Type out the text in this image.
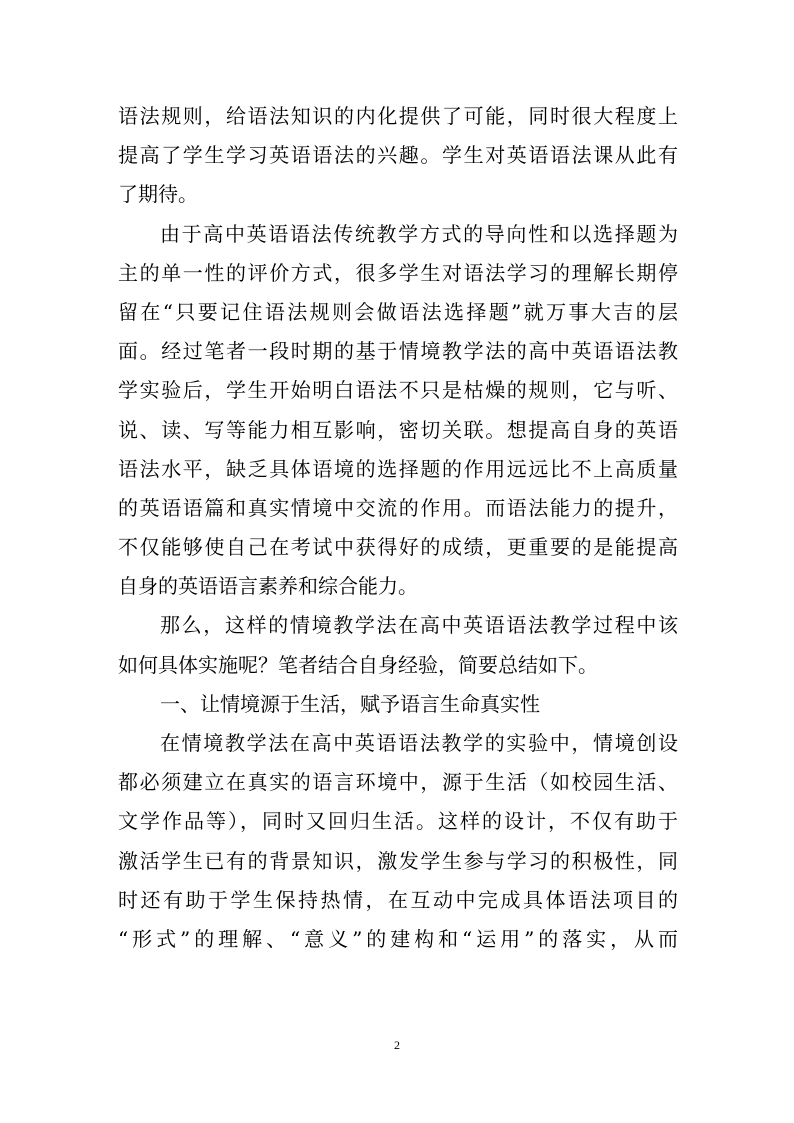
语法规则，给语法知识的内化提供了可能，同时很大程度上
提高了学生学习英语语法的兴趣。学生对英语语法课从此有
了期待。
由于高中英语语法传统教学方式的导向性和以选择题为
主的单一性的评价方式，很多学生对语法学习的理解长期停
留在“只要记住语法规则会做语法选择题”就万事大吉的层
面。经过笔者一段时期的基于情境教学法的高中英语语法教
学实验后，学生开始明白语法不只是枯燥的规则，它与听、
说、读、写等能力相互影响，密切关联。想提高自身的英语
语法水平，缺乏具体语境的选择题的作用远远比不上高质量
的英语语篇和真实情境中交流的作用。而语法能力的提升，
不仅能够使自己在考试中获得好的成绩，更重要的是能提高
自身的英语语言素养和综合能力。
那么，这样的情境教学法在高中英语语法教学过程中该
如何具体实施呢？笔者结合自身经验，简要总结如下。
一、让情境源于生活，赋予语言生命真实性
在情境教学法在高中英语语法教学的实验中，情境创设
都必须建立在真实的语言环境中，源于生活（如校园生活、
文学作品等），同时又回归生活。这样的设计，不仅有助于
激活学生已有的背景知识，激发学生参与学习的积极性，同
时还有助于学生保持热情，在互动中完成具体语法项目的
“形式”的理解、“意义”的建构和“运用”的落实，从而
2
